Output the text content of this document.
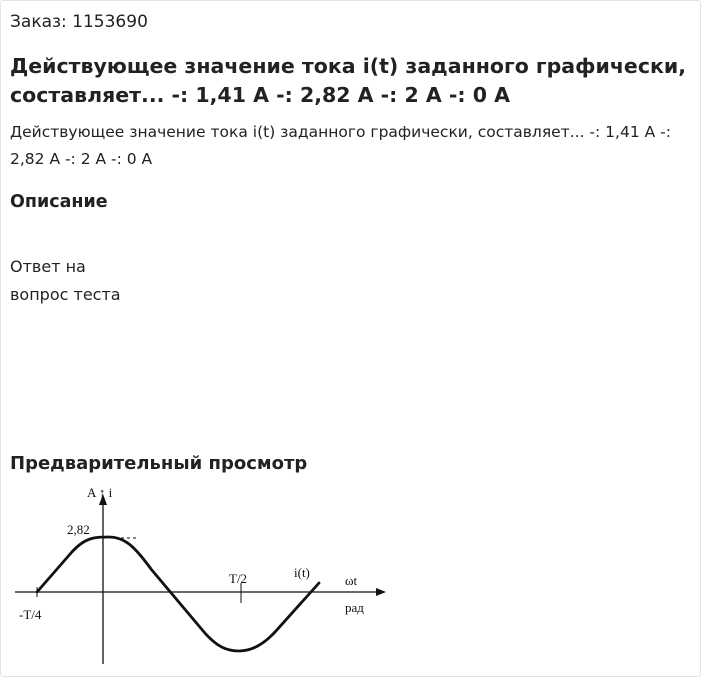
Заказ: 1153690
Действующее значение тока i(t) заданного графически, составляет... -: 1,41 А -: 2,82 А -: 2 А -: 0 А

Действующее значение тока i(t) заданного графически, составляет... -: 1,41 А -: 2,82 А -: 2 А -: 0 А

Описание

Ответ на
вопрос теста

Предварительный просмотр
A ↑ i
2,82
-T/4
T/2	i(t)
ωt
рад
